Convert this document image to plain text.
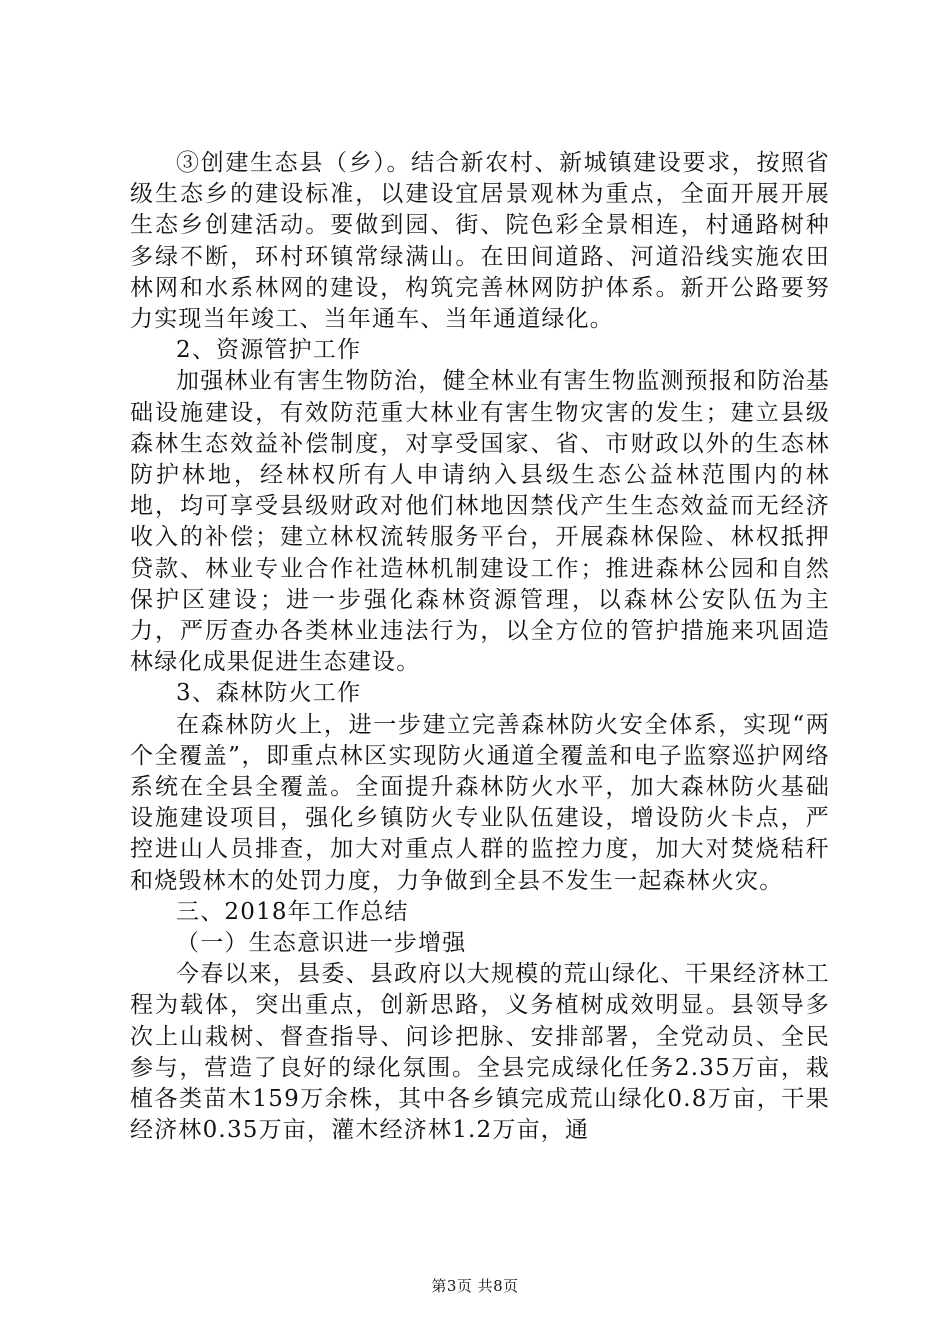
③创建生态县（乡）。结合新农村、新城镇建设要求，按照省级生态乡的建设标准，以建设宜居景观林为重点，全面开展开展生态乡创建活动。要做到园、街、院色彩全景相连，村通路树种多绿不断，环村环镇常绿满山。在田间道路、河道沿线实施农田林网和水系林网的建设，构筑完善林网防护体系。新开公路要努力实现当年竣工、当年通车、当年通道绿化。

2、资源管护工作

加强林业有害生物防治，健全林业有害生物监测预报和防治基础设施建设，有效防范重大林业有害生物灾害的发生；建立县级森林生态效益补偿制度，对享受国家、省、市财政以外的生态林防护林地，经林权所有人申请纳入县级生态公益林范围内的林地，均可享受县级财政对他们林地因禁伐产生生态效益而无经济收入的补偿；建立林权流转服务平台，开展森林保险、林权抵押贷款、林业专业合作社造林机制建设工作；推进森林公园和自然保护区建设；进一步强化森林资源管理，以森林公安队伍为主力，严厉查办各类林业违法行为，以全方位的管护措施来巩固造林绿化成果促进生态建设。

3、森林防火工作

在森林防火上，进一步建立完善森林防火安全体系，实现“两个全覆盖”，即重点林区实现防火通道全覆盖和电子监察巡护网络系统在全县全覆盖。全面提升森林防火水平，加大森林防火基础设施建设项目，强化乡镇防火专业队伍建设，增设防火卡点，严控进山人员排查，加大对重点人群的监控力度，加大对焚烧秸秆和烧毁林木的处罚力度，力争做到全县不发生一起森林火灾。

三、2018年工作总结

（一）生态意识进一步增强

今春以来，县委、县政府以大规模的荒山绿化、干果经济林工程为载体，突出重点，创新思路，义务植树成效明显。县领导多次上山栽树、督查指导、问诊把脉、安排部署，全党动员、全民参与，营造了良好的绿化氛围。全县完成绿化任务2.35万亩，栽植各类苗木159万余株，其中各乡镇完成荒山绿化0.8万亩，干果经济林0.35万亩，灌木经济林1.2万亩，通

第3页 共8页
